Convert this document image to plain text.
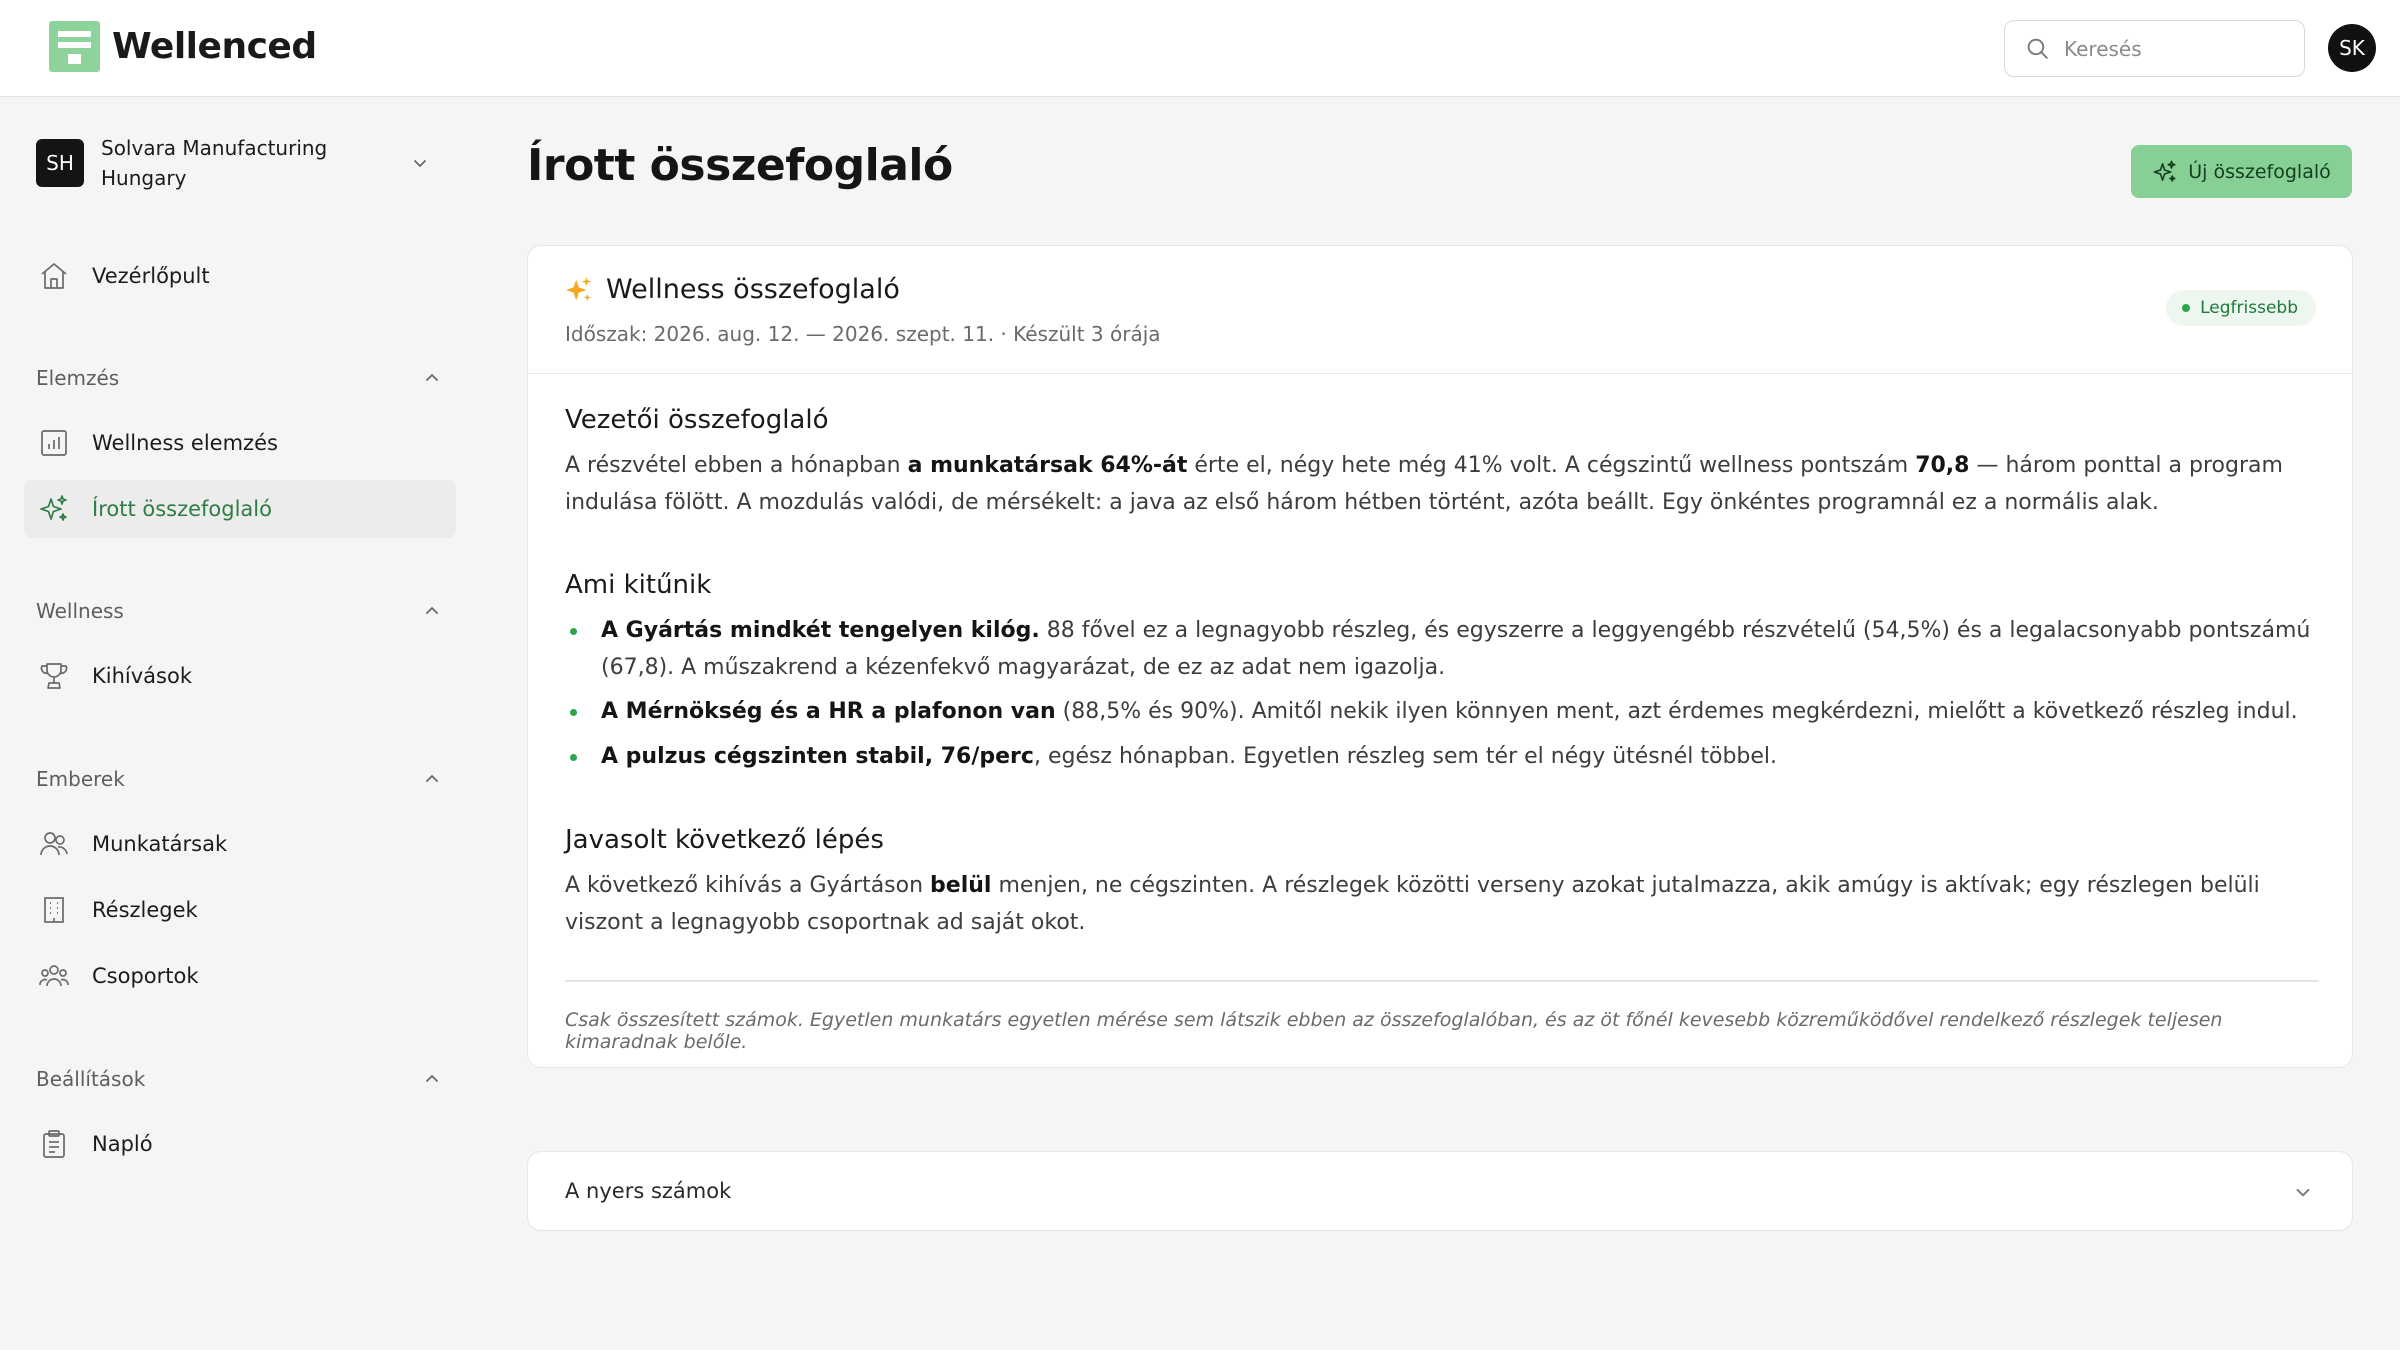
Wellenced
Keresés	SK
SH
Solvara Manufacturing Hungary
Vezérlőpult
Elemzés
Wellness elemzés
Írott összefoglaló
Wellness
Kihívások
Emberek
Munkatársak
Részlegek
Csoportok
Beállítások
Napló
Írott összefoglaló	Új összefoglaló
Wellness összefoglaló
Időszak: 2026. aug. 12. — 2026. szept. 11. · Készült 3 órája
Legfrissebb
Vezetői összefoglaló

A részvétel ebben a hónapban a munkatársak 64%-át érte el, négy hete még 41% volt. A cégszintű wellness pontszám 70,8 — három ponttal a program indulása fölött. A mozdulás valódi, de mérsékelt: a java az első három hétben történt, azóta beállt. Egy önkéntes programnál ez a normális alak.

Ami kitűnik
A Gyártás mindkét tengelyen kilóg. 88 fővel ez a legnagyobb részleg, és egyszerre a leggyengébb részvételű (54,5%) és a legalacsonyabb pontszámú (67,8). A műszakrend a kézenfekvő magyarázat, de ez az adat nem igazolja.
A Mérnökség és a HR a plafonon van (88,5% és 90%). Amitől nekik ilyen könnyen ment, azt érdemes megkérdezni, mielőtt a következő részleg indul.
A pulzus cégszinten stabil, 76/perc, egész hónapban. Egyetlen részleg sem tér el négy ütésnél többel.
Javasolt következő lépés

A következő kihívás a Gyártáson belül menjen, ne cégszinten. A részlegek közötti verseny azokat jutalmazza, akik amúgy is aktívak; egy részlegen belüli viszont a legnagyobb csoportnak ad saját okot.

Csak összesített számok. Egyetlen munkatárs egyetlen mérése sem látszik ebben az összefoglalóban, és az öt főnél kevesebb közreműködővel rendelkező részlegek teljesen kimaradnak belőle.
A nyers számok
